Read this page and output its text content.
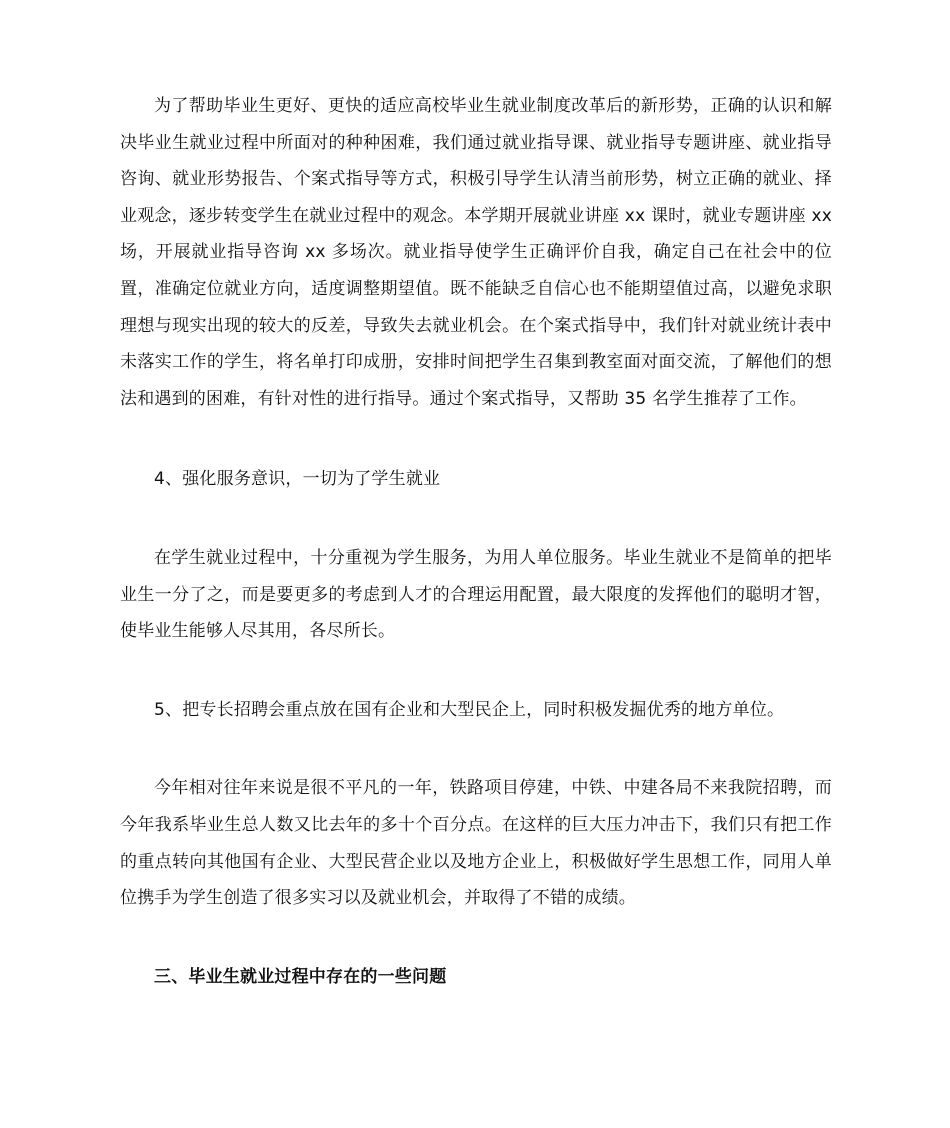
为了帮助毕业生更好、更快的适应高校毕业生就业制度改革后的新形势，正确的认识和解决毕业生就业过程中所面对的种种困难，我们通过就业指导课、就业指导专题讲座、就业指导咨询、就业形势报告、个案式指导等方式，积极引导学生认清当前形势，树立正确的就业、择业观念，逐步转变学生在就业过程中的观念。本学期开展就业讲座 xx 课时，就业专题讲座 xx 场，开展就业指导咨询 xx 多场次。就业指导使学生正确评价自我，确定自己在社会中的位置，准确定位就业方向，适度调整期望值。既不能缺乏自信心也不能期望值过高，以避免求职理想与现实出现的较大的反差，导致失去就业机会。在个案式指导中，我们针对就业统计表中未落实工作的学生，将名单打印成册，安排时间把学生召集到教室面对面交流，了解他们的想法和遇到的困难，有针对性的进行指导。通过个案式指导，又帮助 35 名学生推荐了工作。

4、强化服务意识，一切为了学生就业

在学生就业过程中，十分重视为学生服务，为用人单位服务。毕业生就业不是简单的把毕业生一分了之，而是要更多的考虑到人才的合理运用配置，最大限度的发挥他们的聪明才智，使毕业生能够人尽其用，各尽所长。

5、把专长招聘会重点放在国有企业和大型民企上，同时积极发掘优秀的地方单位。

今年相对往年来说是很不平凡的一年，铁路项目停建，中铁、中建各局不来我院招聘，而今年我系毕业生总人数又比去年的多十个百分点。在这样的巨大压力冲击下，我们只有把工作的重点转向其他国有企业、大型民营企业以及地方企业上，积极做好学生思想工作，同用人单位携手为学生创造了很多实习以及就业机会，并取得了不错的成绩。

三、毕业生就业过程中存在的一些问题
